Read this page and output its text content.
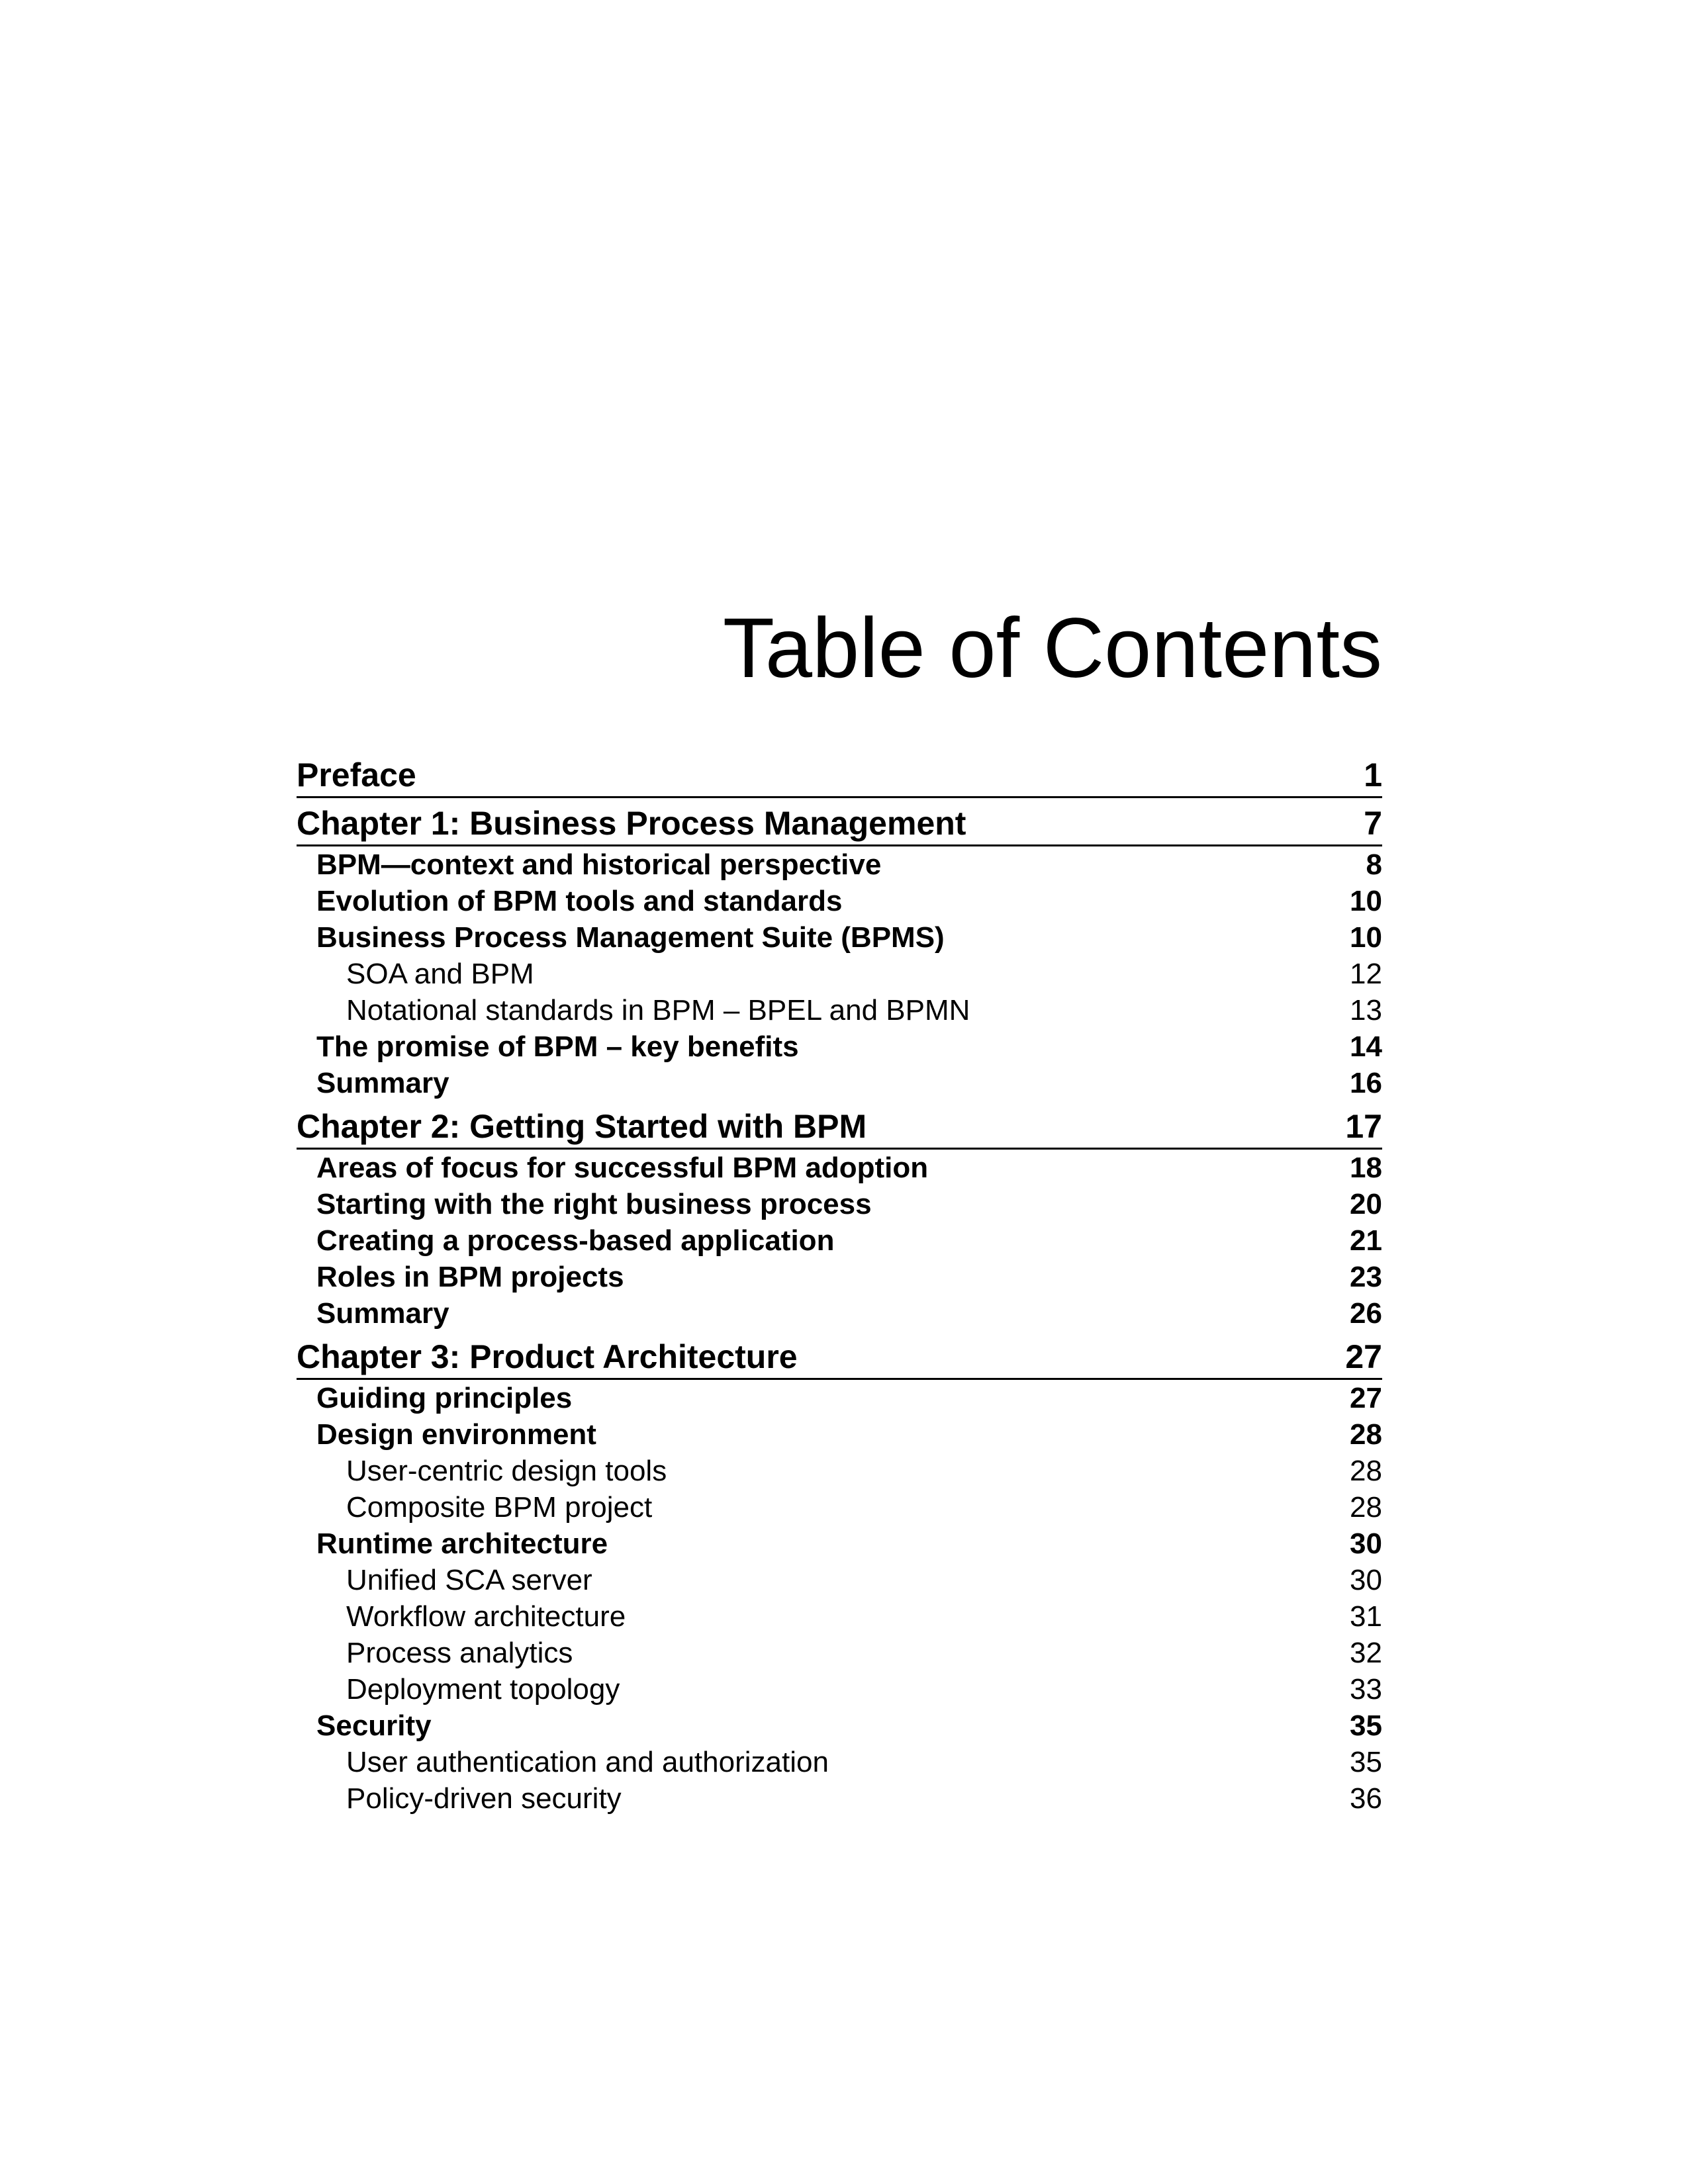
Table of Contents
Preface	1
Chapter 1: Business Process Management	7
BPM—context and historical perspective	8
Evolution of BPM tools and standards	10
Business Process Management Suite (BPMS)	10
SOA and BPM	12
Notational standards in BPM – BPEL and BPMN	13
The promise of BPM – key benefits	14
Summary	16
Chapter 2: Getting Started with BPM	17
Areas of focus for successful BPM adoption	18
Starting with the right business process	20
Creating a process-based application	21
Roles in BPM projects	23
Summary	26
Chapter 3: Product Architecture	27
Guiding principles	27
Design environment	28
User-centric design tools	28
Composite BPM project	28
Runtime architecture	30
Unified SCA server	30
Workflow architecture	31
Process analytics	32
Deployment topology	33
Security	35
User authentication and authorization	35
Policy-driven security	36
